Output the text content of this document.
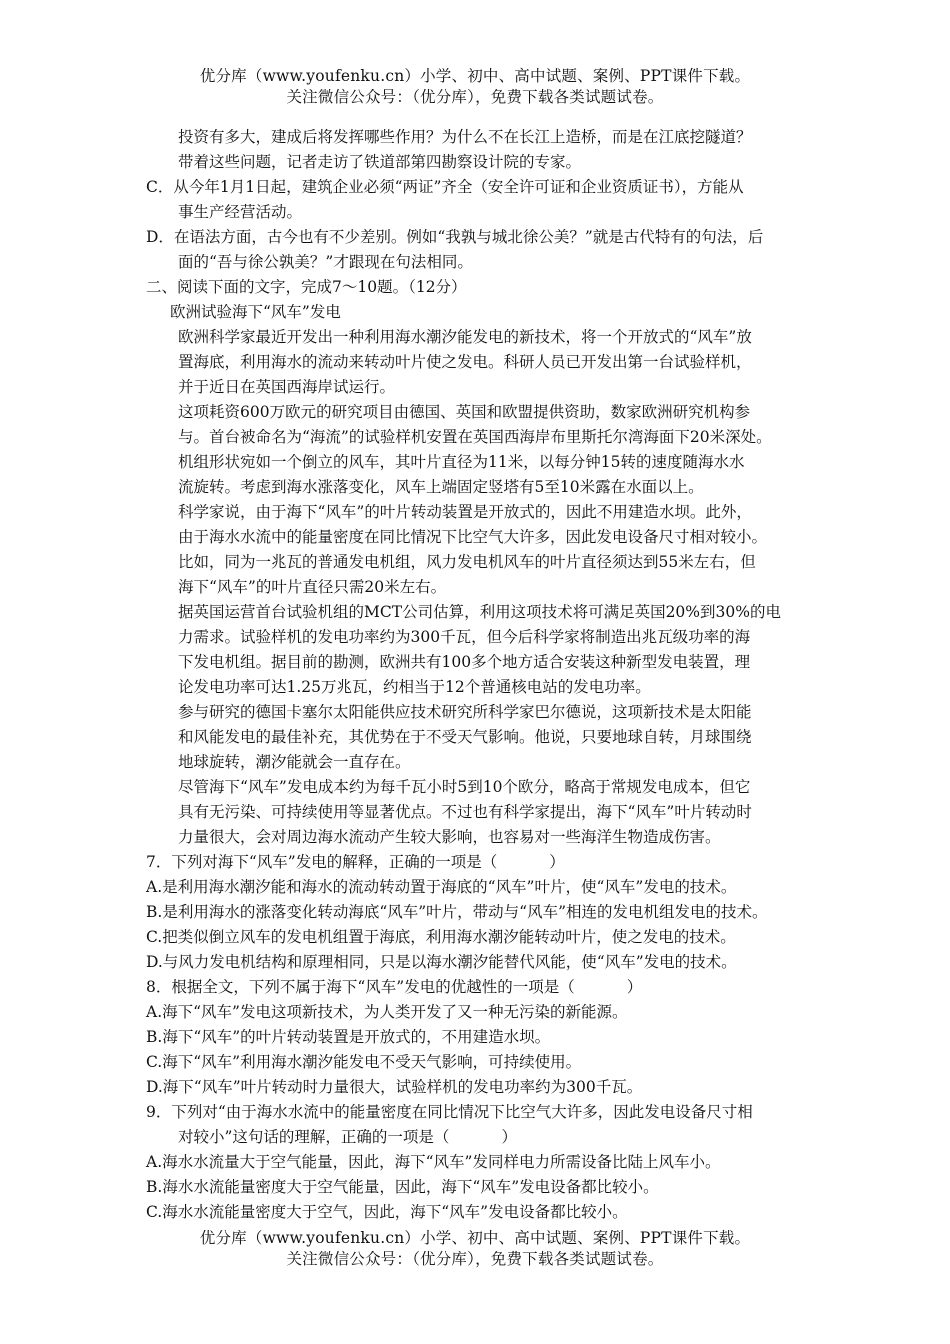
优分库（www.youfenku.cn）小学、初中、高中试题、案例、PPT课件下载。
关注微信公众号：（优分库），免费下载各类试题试卷。
投资有多大，建成后将发挥哪些作用？为什么不在长江上造桥，而是在江底挖隧道？
带着这些问题，记者走访了铁道部第四勘察设计院的专家。
C．从今年1月1日起，建筑企业必须“两证”齐全（安全许可证和企业资质证书），方能从
事生产经营活动。
D．在语法方面，古今也有不少差别。例如“我孰与城北徐公美？”就是古代特有的句法，后
面的“吾与徐公孰美？”才跟现在句法相同。
二、阅读下面的文字，完成7～10题。（12分）
欧洲试验海下“风车”发电
欧洲科学家最近开发出一种利用海水潮汐能发电的新技术，将一个开放式的“风车”放
置海底，利用海水的流动来转动叶片使之发电。科研人员已开发出第一台试验样机，
并于近日在英国西海岸试运行。
这项耗资600万欧元的研究项目由德国、英国和欧盟提供资助，数家欧洲研究机构参
与。首台被命名为“海流”的试验样机安置在英国西海岸布里斯托尔湾海面下20米深处。
机组形状宛如一个倒立的风车，其叶片直径为11米，以每分钟15转的速度随海水水
流旋转。考虑到海水涨落变化，风车上端固定竖塔有5至10米露在水面以上。
科学家说，由于海下“风车”的叶片转动装置是开放式的，因此不用建造水坝。此外，
由于海水水流中的能量密度在同比情况下比空气大许多，因此发电设备尺寸相对较小。
比如，同为一兆瓦的普通发电机组，风力发电机风车的叶片直径须达到55米左右，但
海下“风车”的叶片直径只需20米左右。
据英国运营首台试验机组的MCT公司估算，利用这项技术将可满足英国20%到30%的电
力需求。试验样机的发电功率约为300千瓦，但今后科学家将制造出兆瓦级功率的海
下发电机组。据目前的勘测，欧洲共有100多个地方适合安装这种新型发电装置，理
论发电功率可达1.25万兆瓦，约相当于12个普通核电站的发电功率。
参与研究的德国卡塞尔太阳能供应技术研究所科学家巴尔德说，这项新技术是太阳能
和风能发电的最佳补充，其优势在于不受天气影响。他说，只要地球自转，月球围绕
地球旋转，潮汐能就会一直存在。
尽管海下“风车”发电成本约为每千瓦小时5到10个欧分，略高于常规发电成本，但它
具有无污染、可持续使用等显著优点。不过也有科学家提出，海下“风车”叶片转动时
力量很大，会对周边海水流动产生较大影响，也容易对一些海洋生物造成伤害。
7．下列对海下“风车”发电的解释，正确的一项是（	）
A.是利用海水潮汐能和海水的流动转动置于海底的“风车”叶片，使“风车”发电的技术。
B.是利用海水的涨落变化转动海底“风车”叶片，带动与“风车”相连的发电机组发电的技术。
C.把类似倒立风车的发电机组置于海底，利用海水潮汐能转动叶片，使之发电的技术。
D.与风力发电机结构和原理相同，只是以海水潮汐能替代风能，使“风车”发电的技术。
8．根据全文，下列不属于海下“风车”发电的优越性的一项是（	）
A.海下“风车”发电这项新技术，为人类开发了又一种无污染的新能源。
B.海下“风车”的叶片转动装置是开放式的，不用建造水坝。
C.海下“风车”利用海水潮汐能发电不受天气影响，可持续使用。
D.海下“风车”叶片转动时力量很大，试验样机的发电功率约为300千瓦。
9．下列对“由于海水水流中的能量密度在同比情况下比空气大许多，因此发电设备尺寸相
对较小”这句话的理解，正确的一项是（	）
A.海水水流量大于空气能量，因此，海下“风车”发同样电力所需设备比陆上风车小。
B.海水水流能量密度大于空气能量，因此，海下“风车”发电设备都比较小。
C.海水水流能量密度大于空气，因此，海下“风车”发电设备都比较小。
优分库（www.youfenku.cn）小学、初中、高中试题、案例、PPT课件下载。
关注微信公众号：（优分库），免费下载各类试题试卷。
